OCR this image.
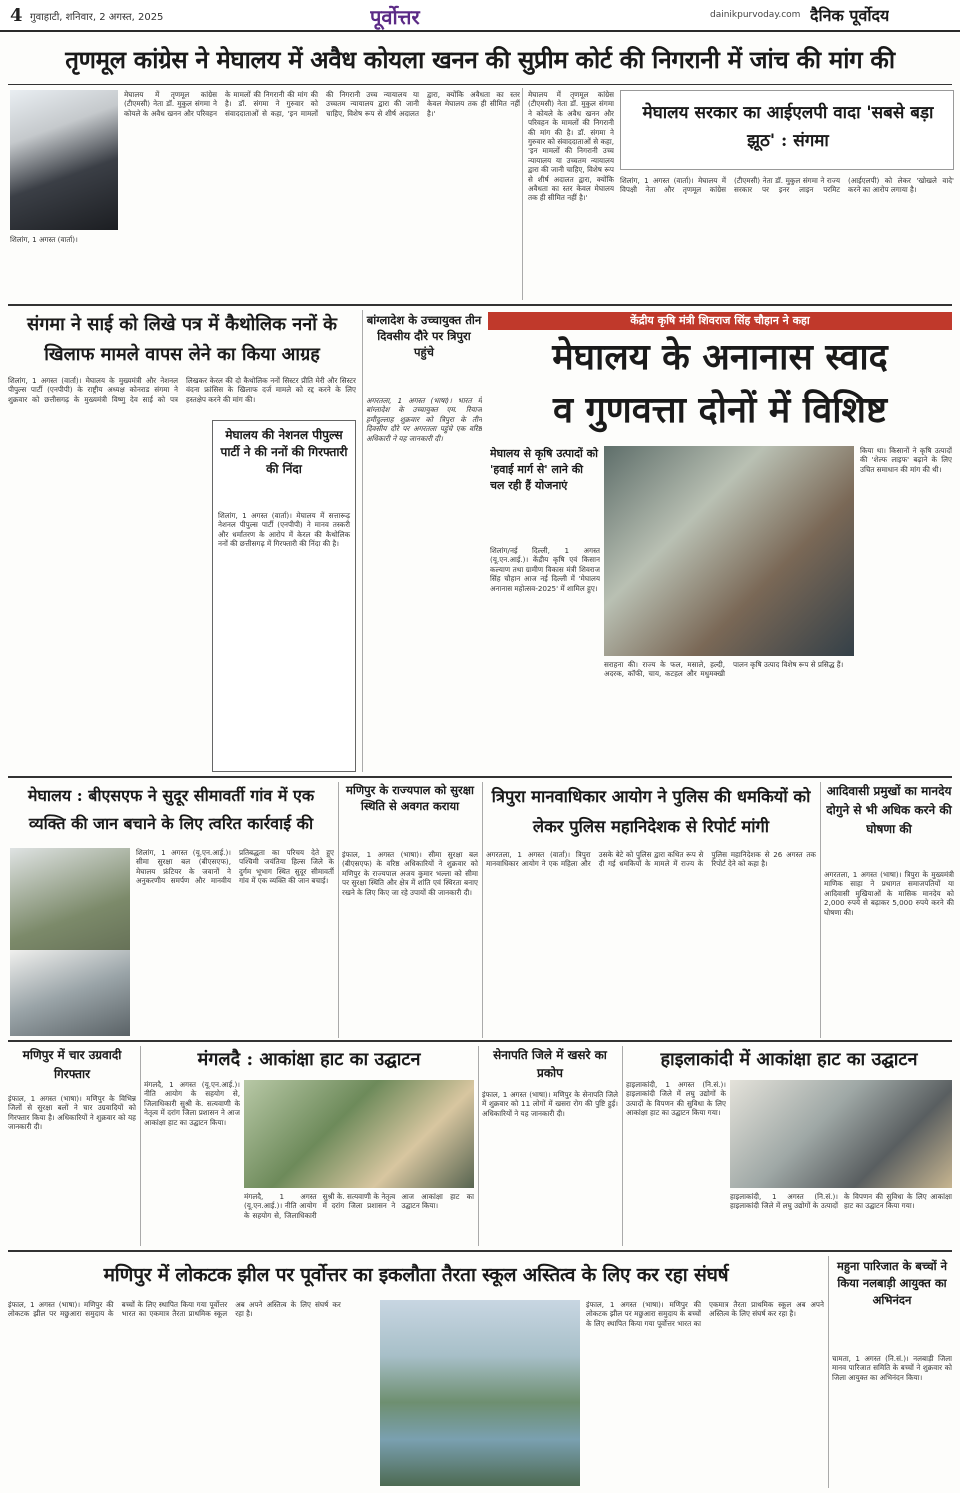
4 गुवाहाटी, शनिवार, 2 अगस्त, 2025	पूर्वोत्तर	dainikpurvoday.com दैनिक पूर्वोदय
तृणमूल कांग्रेस ने मेघालय में अवैध कोयला खनन की सुप्रीम कोर्ट की निगरानी में जांच की मांग की
शिलांग, 1 अगस्त (वार्ता)।
मेघालय में तृणमूल कांग्रेस (टीएमसी) नेता डॉ. मुकुल संगमा ने कोयले के अवैध खनन और परिवहन के मामलों की निगरानी की मांग की है। डॉ. संगमा ने गुरुवार को संवाददाताओं से कहा, 'इन मामलों की निगरानी उच्च न्यायालय या उच्चतम न्यायालय द्वारा की जानी चाहिए, विशेष रूप से शीर्ष अदालत द्वारा, क्योंकि अवैधता का स्तर केवल मेघालय तक ही सीमित नहीं है।'
मेघालय में तृणमूल कांग्रेस (टीएमसी) नेता डॉ. मुकुल संगमा ने कोयले के अवैध खनन और परिवहन के मामलों की निगरानी की मांग की है। डॉ. संगमा ने गुरुवार को संवाददाताओं से कहा, 'इन मामलों की निगरानी उच्च न्यायालय या उच्चतम न्यायालय द्वारा की जानी चाहिए, विशेष रूप से शीर्ष अदालत द्वारा, क्योंकि अवैधता का स्तर केवल मेघालय तक ही सीमित नहीं है।'
मेघालय सरकार का आईएलपी वादा 'सबसे बड़ा झूठ' : संगमा
शिलांग, 1 अगस्त (वार्ता)। मेघालय में विपक्षी नेता और तृणमूल कांग्रेस (टीएमसी) नेता डॉ. मुकुल संगमा ने राज्य सरकार पर इनर लाइन परमिट (आईएलपी) को लेकर 'खोखले वादे' करने का आरोप लगाया है।
संगमा ने साई को लिखे पत्र में कैथोलिक ननों के खिलाफ मामले वापस लेने का किया आग्रह
शिलांग, 1 अगस्त (वार्ता)। मेघालय के मुख्यमंत्री और नेशनल पीपुल्स पार्टी (एनपीपी) के राष्ट्रीय अध्यक्ष कोनराड संगमा ने शुक्रवार को छत्तीसगढ़ के मुख्यमंत्री विष्णु देव साई को पत्र लिखकर केरल की दो कैथोलिक ननों सिस्टर प्रीति मेरी और सिस्टर वंदना फ्रांसिस के खिलाफ दर्ज मामले को रद्द करने के लिए हस्तक्षेप करने की मांग की।
मेघालय की नेशनल पीपुल्स पार्टी ने की ननों की गिरफ्तारी की निंदा
शिलांग, 1 अगस्त (वार्ता)। मेघालय में सत्तारूढ़ नेशनल पीपुल्स पार्टी (एनपीपी) ने मानव तस्करी और धर्मांतरण के आरोप में केरल की कैथोलिक ननों की छत्तीसगढ़ में गिरफ्तारी की निंदा की है।
बांग्लादेश के उच्चायुक्त तीन दिवसीय दौरे पर त्रिपुरा पहुंचे
अगरतला, 1 अगस्त (भाषा)। भारत में बांग्लादेश के उच्चायुक्त एम. रियाज हमीदुल्लाह शुक्रवार को त्रिपुरा के तीन दिवसीय दौरे पर अगरतला पहुंचे एक वरिष्ठ अधिकारी ने यह जानकारी दी।
केंद्रीय कृषि मंत्री शिवराज सिंह चौहान ने कहा
मेघालय के अनानास स्वाद
व गुणवत्ता दोनों में विशिष्ट
मेघालय से कृषि उत्पादों को 'हवाई मार्ग से' लाने की चल रही हैं योजनाएं
शिलांग/नई दिल्ली, 1 अगस्त (यू.एन.आई.)। केंद्रीय कृषि एवं किसान कल्याण तथा ग्रामीण विकास मंत्री शिवराज सिंह चौहान आज नई दिल्ली में 'मेघालय अनानास महोत्सव-2025' में शामिल हुए।
सराहना की। राज्य के फल, मसाले, हल्दी, अदरक, कॉफी, चाय, कटहल और मधुमक्खी पालन कृषि उत्पाद विशेष रूप से प्रसिद्ध हैं।
किया था। किसानों ने कृषि उत्पादों की 'शेल्फ लाइफ' बढ़ाने के लिए उचित समाधान की मांग की थी।
मेघालय : बीएसएफ ने सुदूर सीमावर्ती गांव में एक व्यक्ति की जान बचाने के लिए त्वरित कार्रवाई की
शिलांग, 1 अगस्त (यू.एन.आई.)। सीमा सुरक्षा बल (बीएसएफ), मेघालय फ्रंटियर के जवानों ने अनुकरणीय समर्पण और मानवीय प्रतिबद्धता का परिचय देते हुए पश्चिमी जयंतिया हिल्स जिले के दुर्गम भूभाग स्थित सुदूर सीमावर्ती गांव में एक व्यक्ति की जान बचाई।
मणिपुर के राज्यपाल को सुरक्षा स्थिति से अवगत कराया
इंफाल, 1 अगस्त (भाषा)। सीमा सुरक्षा बल (बीएसएफ) के वरिष्ठ अधिकारियों ने शुक्रवार को मणिपुर के राज्यपाल अजय कुमार भल्ला को सीमा पर सुरक्षा स्थिति और क्षेत्र में शांति एवं स्थिरता बनाए रखने के लिए किए जा रहे उपायों की जानकारी दी।
त्रिपुरा मानवाधिकार आयोग ने पुलिस की धमकियों को लेकर पुलिस महानिदेशक से रिपोर्ट मांगी
अगरतला, 1 अगस्त (वार्ता)। त्रिपुरा मानवाधिकार आयोग ने एक महिला और उसके बेटे को पुलिस द्वारा कथित रूप से दी गई धमकियों के मामले में राज्य के पुलिस महानिदेशक से 26 अगस्त तक रिपोर्ट देने को कहा है।
आदिवासी प्रमुखों का मानदेय दोगुने से भी अधिक करने की घोषणा की
अगरतला, 1 अगस्त (भाषा)। त्रिपुरा के मुख्यमंत्री माणिक साहा ने प्रथागत समाजपतियों या आदिवासी मुखियाओं के मासिक मानदेय को 2,000 रुपये से बढ़ाकर 5,000 रुपये करने की घोषणा की।
मणिपुर में चार उग्रवादी गिरफ्तार
इंफाल, 1 अगस्त (भाषा)। मणिपुर के विभिन्न जिलों से सुरक्षा बलों ने चार उग्रवादियों को गिरफ्तार किया है। अधिकारियों ने शुक्रवार को यह जानकारी दी।
मंगलदै : आकांक्षा हाट का उद्घाटन
मंगलदै, 1 अगस्त (यू.एन.आई.)। नीति आयोग के सहयोग से, जिलाधिकारी सुश्री के. सत्यवाणी के नेतृत्व में दरांग जिला प्रशासन ने आज आकांक्षा हाट का उद्घाटन किया।
मंगलदै, 1 अगस्त (यू.एन.आई.)। नीति आयोग के सहयोग से, जिलाधिकारी सुश्री के. सत्यवाणी के नेतृत्व में दरांग जिला प्रशासन ने आज आकांक्षा हाट का उद्घाटन किया।
सेनापति जिले में खसरे का प्रकोप
इंफाल, 1 अगस्त (भाषा)। मणिपुर के सेनापति जिले में शुक्रवार को 11 लोगों में खसरा रोग की पुष्टि हुई। अधिकारियों ने यह जानकारी दी।
हाइलाकांदी में आकांक्षा हाट का उद्घाटन
हाइलाकांदी, 1 अगस्त (नि.सं.)। हाइलाकांदी जिले में लघु उद्योगों के उत्पादों के विपणन की सुविधा के लिए आकांक्षा हाट का उद्घाटन किया गया।
हाइलाकांदी, 1 अगस्त (नि.सं.)। हाइलाकांदी जिले में लघु उद्योगों के उत्पादों के विपणन की सुविधा के लिए आकांक्षा हाट का उद्घाटन किया गया।
मणिपुर में लोकटक झील पर पूर्वोत्तर का इकलौता तैरता स्कूल अस्तित्व के लिए कर रहा संघर्ष
इंफाल, 1 अगस्त (भाषा)। मणिपुर की लोकटक झील पर मछुआरा समुदाय के बच्चों के लिए स्थापित किया गया पूर्वोत्तर भारत का एकमात्र तैरता प्राथमिक स्कूल अब अपने अस्तित्व के लिए संघर्ष कर रहा है।
इंफाल, 1 अगस्त (भाषा)। मणिपुर की लोकटक झील पर मछुआरा समुदाय के बच्चों के लिए स्थापित किया गया पूर्वोत्तर भारत का एकमात्र तैरता प्राथमिक स्कूल अब अपने अस्तित्व के लिए संघर्ष कर रहा है।
महुना पारिजात के बच्चों ने किया नलबाड़ी आयुक्त का अभिनंदन
चामता, 1 अगस्त (नि.सं.)। नलबाड़ी जिला मानव पारिजात समिति के बच्चों ने शुक्रवार को जिला आयुक्त का अभिनंदन किया।
